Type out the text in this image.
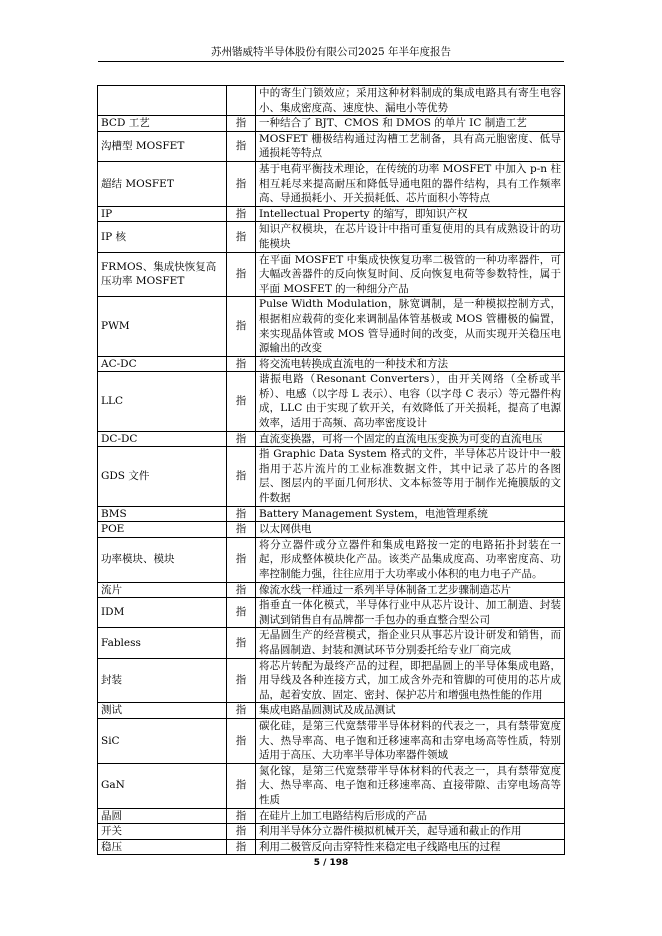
苏州锴威特半导体股份有限公司2025 年半年度报告
		中的寄生门锁效应；采用这种材料制成的集成电路具有寄生电容小、集成密度高、速度快、漏电小等优势
BCD 工艺	指	一种结合了 BJT、CMOS 和 DMOS 的单片 IC 制造工艺
沟槽型 MOSFET	指	MOSFET 栅极结构通过沟槽工艺制备，具有高元胞密度、低导通损耗等特点
超结 MOSFET	指	基于电荷平衡技术理论，在传统的功率 MOSFET 中加入 p-n 柱相互耗尽来提高耐压和降低导通电阻的器件结构，具有工作频率高、导通损耗小、开关损耗低、芯片面积小等特点
IP	指	Intellectual Property 的缩写，即知识产权
IP 核	指	知识产权模块，在芯片设计中指可重复使用的具有成熟设计的功能模块
FRMOS、集成快恢复高压功率 MOSFET	指	在平面 MOSFET 中集成快恢复功率二极管的一种功率器件，可大幅改善器件的反向恢复时间、反向恢复电荷等参数特性，属于平面 MOSFET 的一种细分产品
PWM	指	Pulse Width Modulation，脉宽调制，是一种模拟控制方式，根据相应载荷的变化来调制晶体管基极或 MOS 管栅极的偏置，来实现晶体管或 MOS 管导通时间的改变，从而实现开关稳压电源输出的改变
AC-DC	指	将交流电转换成直流电的一种技术和方法
LLC	指	谐振电路（Resonant Converters），由开关网络（全桥或半桥）、电感（以字母 L 表示）、电容（以字母 C 表示）等元器件构成，LLC 由于实现了软开关，有效降低了开关损耗，提高了电源效率，适用于高频、高功率密度设计
DC-DC	指	直流变换器，可将一个固定的直流电压变换为可变的直流电压
GDS 文件	指	指 Graphic Data System 格式的文件，半导体芯片设计中一般指用于芯片流片的工业标准数据文件，其中记录了芯片的各图层、图层内的平面几何形状、文本标签等用于制作光掩膜版的文件数据
BMS	指	Battery Management System，电池管理系统
POE	指	以太网供电
功率模块、模块	指	将分立器件或分立器件和集成电路按一定的电路拓扑封装在一起，形成整体模块化产品。该类产品集成度高、功率密度高、功率控制能力强，往往应用于大功率或小体积的电力电子产品。
流片	指	像流水线一样通过一系列半导体制备工艺步骤制造芯片
IDM	指	指垂直一体化模式，半导体行业中从芯片设计、加工制造、封装测试到销售自有品牌都一手包办的垂直整合型公司
Fabless	指	无晶圆生产的经营模式，指企业只从事芯片设计研发和销售，而将晶圆制造、封装和测试环节分别委托给专业厂商完成
封装	指	将芯片转配为最终产品的过程，即把晶圆上的半导体集成电路，用导线及各种连接方式，加工成含外壳和管脚的可使用的芯片成品，起着安放、固定、密封、保护芯片和增强电热性能的作用
测试	指	集成电路晶圆测试及成品测试
SiC	指	碳化硅，是第三代宽禁带半导体材料的代表之一，具有禁带宽度大、热导率高、电子饱和迁移速率高和击穿电场高等性质，特别适用于高压、大功率半导体功率器件领域
GaN	指	氮化镓，是第三代宽禁带半导体材料的代表之一，具有禁带宽度大、热导率高、电子饱和迁移速率高、直接带隙、击穿电场高等性质
晶圆	指	在硅片上加工电路结构后形成的产品
开关	指	利用半导体分立器件模拟机械开关，起导通和截止的作用
稳压	指	利用二极管反向击穿特性来稳定电子线路电压的过程
5 / 198
